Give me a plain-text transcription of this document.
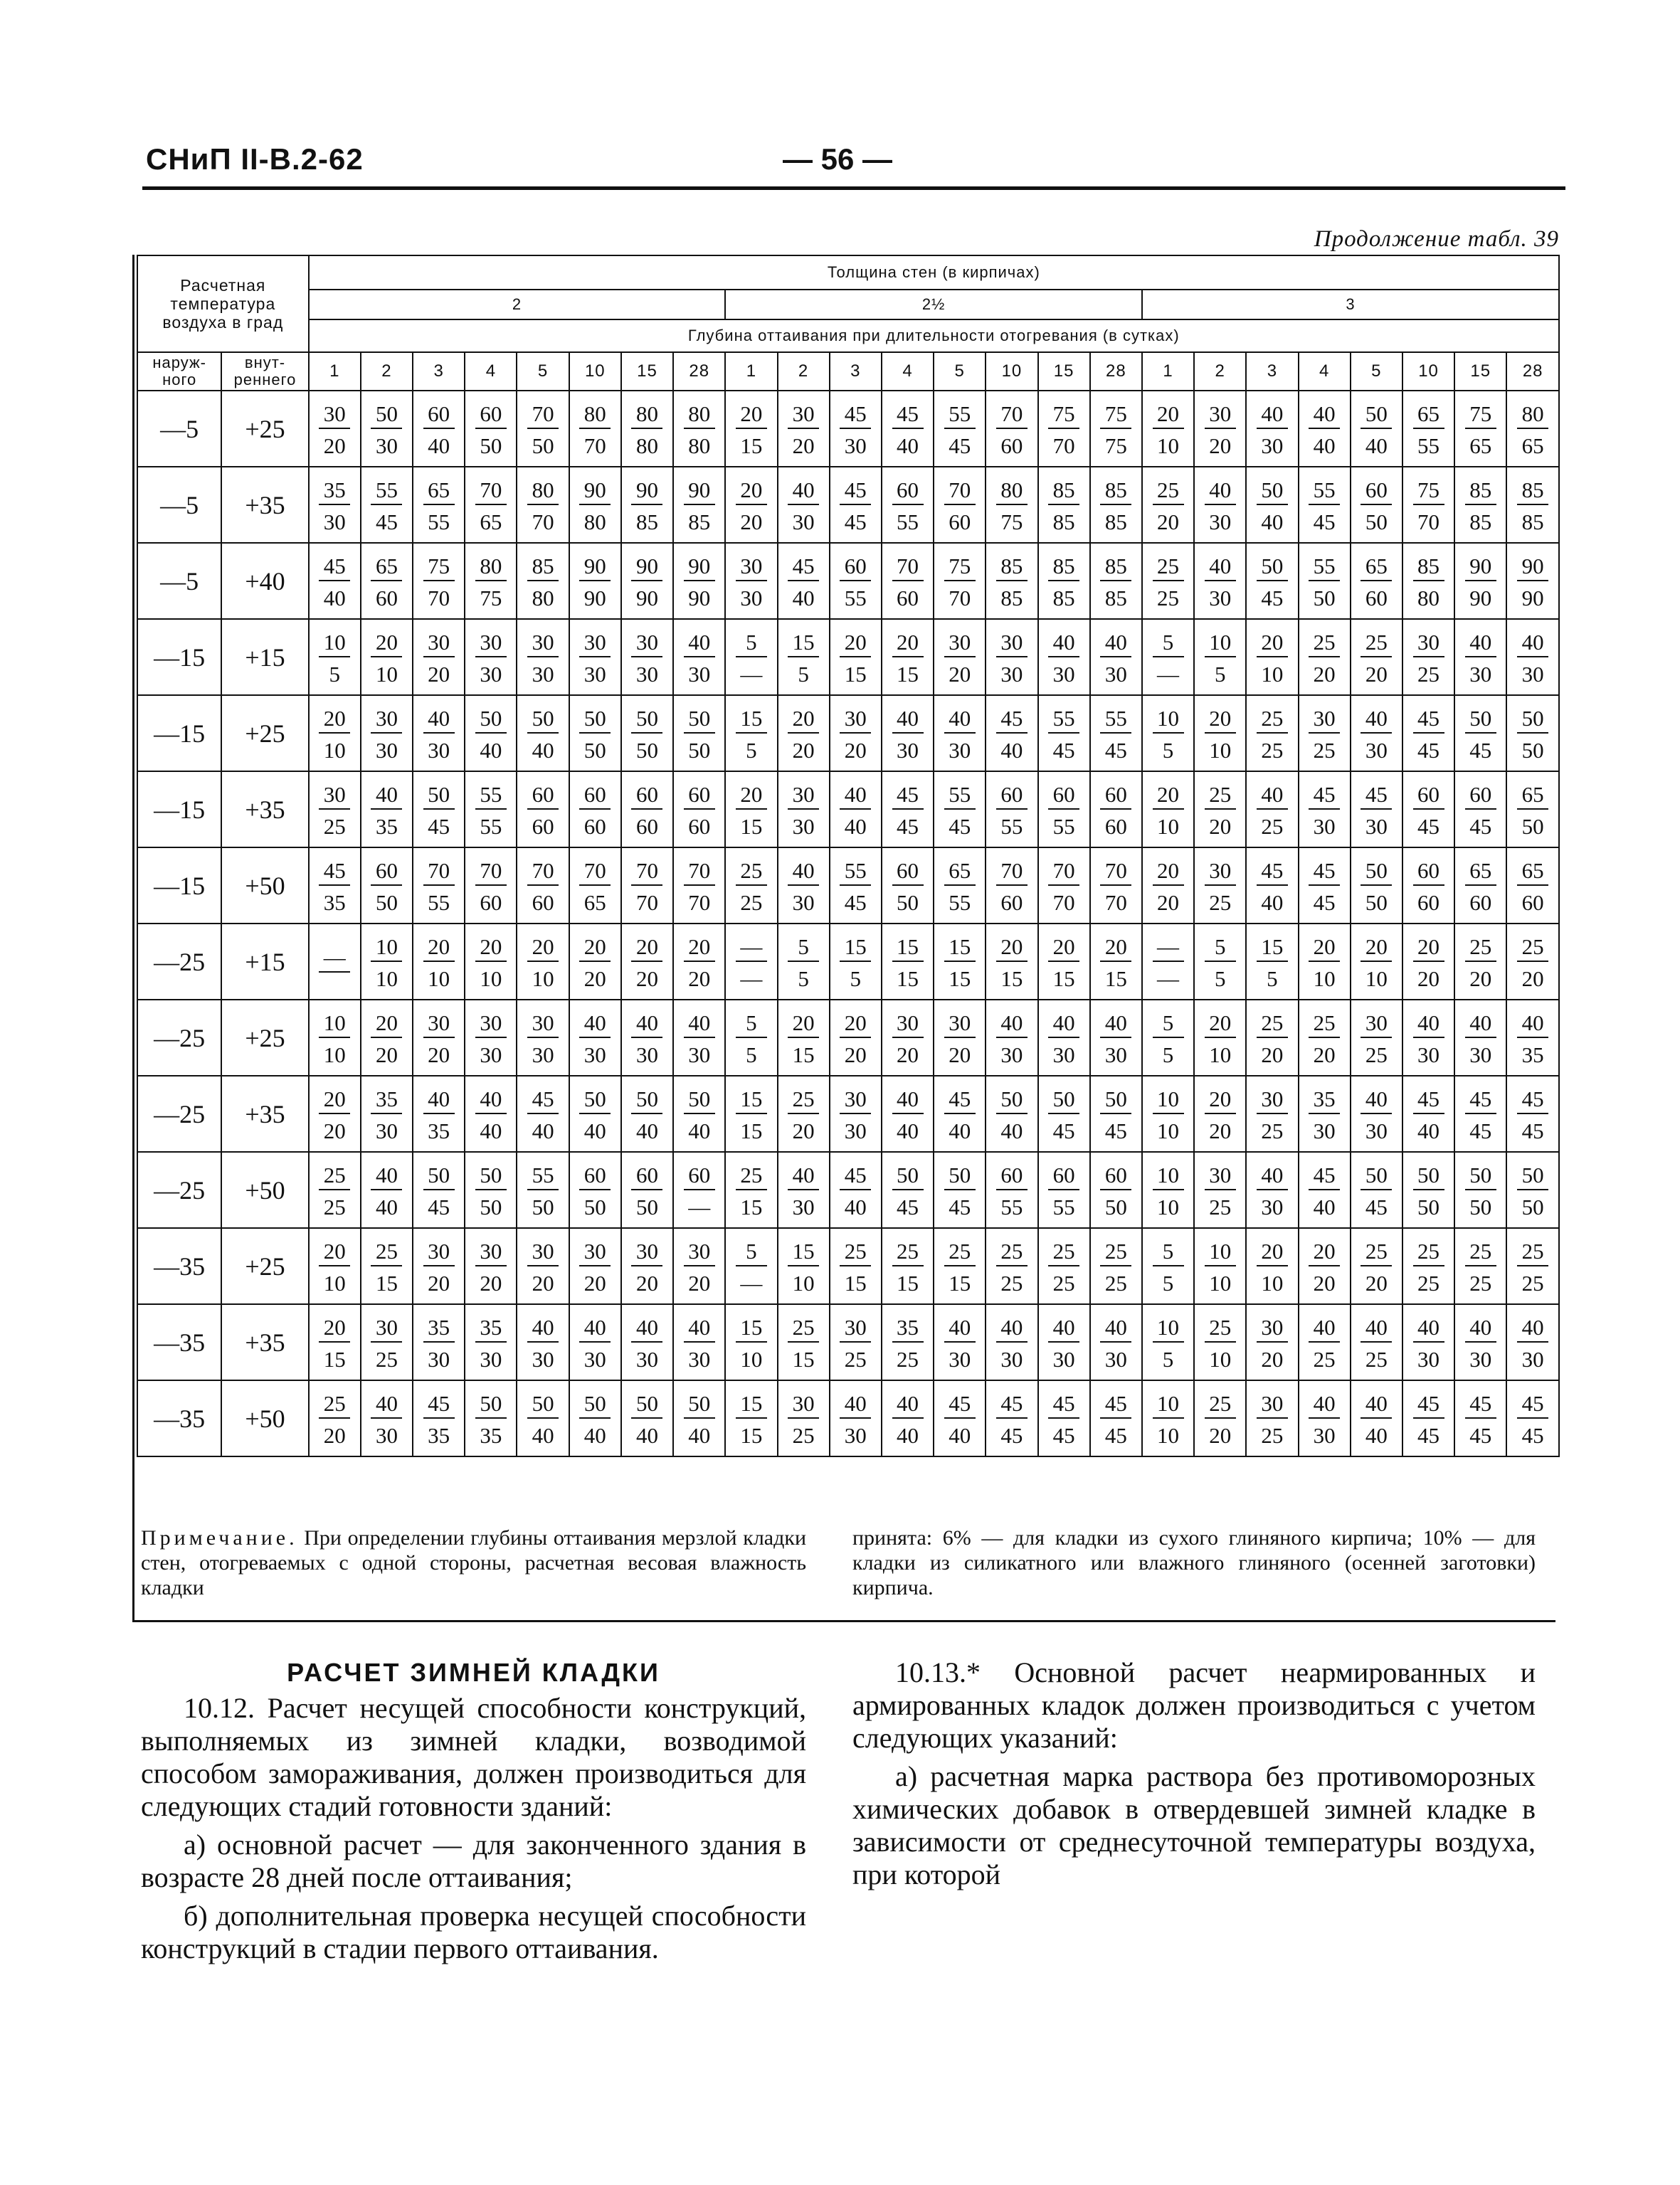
СНиП II-В.2-62	— 56 —
Продолжение табл. 39
Расчетная температура воздуха в град		Толщина стен (в кирпичах)																							
		2								2½								3							
		Глубина оттаивания при длительности отогревания (в сутках)																							
наруж-ного	внут-реннего	1	2	3	4	5	10	15	28	1	2	3	4	5	10	15	28	1	2	3	4	5	10	15	28
—5	+25	$\frac{30}{20}$	$\frac{50}{30}$	$\frac{60}{40}$	$\frac{60}{50}$	$\frac{70}{50}$	$\frac{80}{70}$	$\frac{80}{80}$	$\frac{80}{80}$	$\frac{20}{15}$	$\frac{30}{20}$	$\frac{45}{30}$	$\frac{45}{40}$	$\frac{55}{45}$	$\frac{70}{60}$	$\frac{75}{70}$	$\frac{75}{75}$	$\frac{20}{10}$	$\frac{30}{20}$	$\frac{40}{30}$	$\frac{40}{40}$	$\frac{50}{40}$	$\frac{65}{55}$	$\frac{75}{65}$	$\frac{80}{65}$

—5	+35	$\frac{35}{30}$	$\frac{55}{45}$	$\frac{65}{55}$	$\frac{70}{65}$	$\frac{80}{70}$	$\frac{90}{80}$	$\frac{90}{85}$	$\frac{90}{85}$	$\frac{20}{20}$	$\frac{40}{30}$	$\frac{45}{45}$	$\frac{60}{55}$	$\frac{70}{60}$	$\frac{80}{75}$	$\frac{85}{85}$	$\frac{85}{85}$	$\frac{25}{20}$	$\frac{40}{30}$	$\frac{50}{40}$	$\frac{55}{45}$	$\frac{60}{50}$	$\frac{75}{70}$	$\frac{85}{85}$	$\frac{85}{85}$

—5	+40	$\frac{45}{40}$	$\frac{65}{60}$	$\frac{75}{70}$	$\frac{80}{75}$	$\frac{85}{80}$	$\frac{90}{90}$	$\frac{90}{90}$	$\frac{90}{90}$	$\frac{30}{30}$	$\frac{45}{40}$	$\frac{60}{55}$	$\frac{70}{60}$	$\frac{75}{70}$	$\frac{85}{85}$	$\frac{85}{85}$	$\frac{85}{85}$	$\frac{25}{25}$	$\frac{40}{30}$	$\frac{50}{45}$	$\frac{55}{50}$	$\frac{65}{60}$	$\frac{85}{80}$	$\frac{90}{90}$	$\frac{90}{90}$

—15	+15	$\frac{10}{5}$	$\frac{20}{10}$	$\frac{30}{20}$	$\frac{30}{30}$	$\frac{30}{30}$	$\frac{30}{30}$	$\frac{30}{30}$	$\frac{40}{30}$	$\frac{5}{—}$	$\frac{15}{5}$	$\frac{20}{15}$	$\frac{20}{15}$	$\frac{30}{20}$	$\frac{30}{30}$	$\frac{40}{30}$	$\frac{40}{30}$	$\frac{5}{—}$	$\frac{10}{5}$	$\frac{20}{10}$	$\frac{25}{20}$	$\frac{25}{20}$	$\frac{30}{25}$	$\frac{40}{30}$	$\frac{40}{30}$

—15	+25	$\frac{20}{10}$	$\frac{30}{30}$	$\frac{40}{30}$	$\frac{50}{40}$	$\frac{50}{40}$	$\frac{50}{50}$	$\frac{50}{50}$	$\frac{50}{50}$	$\frac{15}{5}$	$\frac{20}{20}$	$\frac{30}{20}$	$\frac{40}{30}$	$\frac{40}{30}$	$\frac{45}{40}$	$\frac{55}{45}$	$\frac{55}{45}$	$\frac{10}{5}$	$\frac{20}{10}$	$\frac{25}{25}$	$\frac{30}{25}$	$\frac{40}{30}$	$\frac{45}{45}$	$\frac{50}{45}$	$\frac{50}{50}$

—15	+35	$\frac{30}{25}$	$\frac{40}{35}$	$\frac{50}{45}$	$\frac{55}{55}$	$\frac{60}{60}$	$\frac{60}{60}$	$\frac{60}{60}$	$\frac{60}{60}$	$\frac{20}{15}$	$\frac{30}{30}$	$\frac{40}{40}$	$\frac{45}{45}$	$\frac{55}{45}$	$\frac{60}{55}$	$\frac{60}{55}$	$\frac{60}{60}$	$\frac{20}{10}$	$\frac{25}{20}$	$\frac{40}{25}$	$\frac{45}{30}$	$\frac{45}{30}$	$\frac{60}{45}$	$\frac{60}{45}$	$\frac{65}{50}$

—15	+50	$\frac{45}{35}$	$\frac{60}{50}$	$\frac{70}{55}$	$\frac{70}{60}$	$\frac{70}{60}$	$\frac{70}{65}$	$\frac{70}{70}$	$\frac{70}{70}$	$\frac{25}{25}$	$\frac{40}{30}$	$\frac{55}{45}$	$\frac{60}{50}$	$\frac{65}{55}$	$\frac{70}{60}$	$\frac{70}{70}$	$\frac{70}{70}$	$\frac{20}{20}$	$\frac{30}{25}$	$\frac{45}{40}$	$\frac{45}{45}$	$\frac{50}{50}$	$\frac{60}{60}$	$\frac{65}{60}$	$\frac{65}{60}$

—25	+15	—	$\frac{10}{10}$	$\frac{20}{10}$	$\frac{20}{10}$	$\frac{20}{10}$	$\frac{20}{20}$	$\frac{20}{20}$	$\frac{20}{20}$	$\frac{—}{—}$	$\frac{5}{5}$	$\frac{15}{5}$	$\frac{15}{15}$	$\frac{15}{15}$	$\frac{20}{15}$	$\frac{20}{15}$	$\frac{20}{15}$	$\frac{—}{—}$	$\frac{5}{5}$	$\frac{15}{5}$	$\frac{20}{10}$	$\frac{20}{10}$	$\frac{20}{20}$	$\frac{25}{20}$	$\frac{25}{20}$

—25	+25	$\frac{10}{10}$	$\frac{20}{20}$	$\frac{30}{20}$	$\frac{30}{30}$	$\frac{30}{30}$	$\frac{40}{30}$	$\frac{40}{30}$	$\frac{40}{30}$	$\frac{5}{5}$	$\frac{20}{15}$	$\frac{20}{20}$	$\frac{30}{20}$	$\frac{30}{20}$	$\frac{40}{30}$	$\frac{40}{30}$	$\frac{40}{30}$	$\frac{5}{5}$	$\frac{20}{10}$	$\frac{25}{20}$	$\frac{25}{20}$	$\frac{30}{25}$	$\frac{40}{30}$	$\frac{40}{30}$	$\frac{40}{35}$

—25	+35	$\frac{20}{20}$	$\frac{35}{30}$	$\frac{40}{35}$	$\frac{40}{40}$	$\frac{45}{40}$	$\frac{50}{40}$	$\frac{50}{40}$	$\frac{50}{40}$	$\frac{15}{15}$	$\frac{25}{20}$	$\frac{30}{30}$	$\frac{40}{40}$	$\frac{45}{40}$	$\frac{50}{40}$	$\frac{50}{45}$	$\frac{50}{45}$	$\frac{10}{10}$	$\frac{20}{20}$	$\frac{30}{25}$	$\frac{35}{30}$	$\frac{40}{30}$	$\frac{45}{40}$	$\frac{45}{45}$	$\frac{45}{45}$

—25	+50	$\frac{25}{25}$	$\frac{40}{40}$	$\frac{50}{45}$	$\frac{50}{50}$	$\frac{55}{50}$	$\frac{60}{50}$	$\frac{60}{50}$	$\frac{60}{—}$	$\frac{25}{15}$	$\frac{40}{30}$	$\frac{45}{40}$	$\frac{50}{45}$	$\frac{50}{45}$	$\frac{60}{55}$	$\frac{60}{55}$	$\frac{60}{50}$	$\frac{10}{10}$	$\frac{30}{25}$	$\frac{40}{30}$	$\frac{45}{40}$	$\frac{50}{45}$	$\frac{50}{50}$	$\frac{50}{50}$	$\frac{50}{50}$

—35	+25	$\frac{20}{10}$	$\frac{25}{15}$	$\frac{30}{20}$	$\frac{30}{20}$	$\frac{30}{20}$	$\frac{30}{20}$	$\frac{30}{20}$	$\frac{30}{20}$	$\frac{5}{—}$	$\frac{15}{10}$	$\frac{25}{15}$	$\frac{25}{15}$	$\frac{25}{15}$	$\frac{25}{25}$	$\frac{25}{25}$	$\frac{25}{25}$	$\frac{5}{5}$	$\frac{10}{10}$	$\frac{20}{10}$	$\frac{20}{20}$	$\frac{25}{20}$	$\frac{25}{25}$	$\frac{25}{25}$	$\frac{25}{25}$

—35	+35	$\frac{20}{15}$	$\frac{30}{25}$	$\frac{35}{30}$	$\frac{35}{30}$	$\frac{40}{30}$	$\frac{40}{30}$	$\frac{40}{30}$	$\frac{40}{30}$	$\frac{15}{10}$	$\frac{25}{15}$	$\frac{30}{25}$	$\frac{35}{25}$	$\frac{40}{30}$	$\frac{40}{30}$	$\frac{40}{30}$	$\frac{40}{30}$	$\frac{10}{5}$	$\frac{25}{10}$	$\frac{30}{20}$	$\frac{40}{25}$	$\frac{40}{25}$	$\frac{40}{30}$	$\frac{40}{30}$	$\frac{40}{30}$

—35	+50	$\frac{25}{20}$	$\frac{40}{30}$	$\frac{45}{35}$	$\frac{50}{35}$	$\frac{50}{40}$	$\frac{50}{40}$	$\frac{50}{40}$	$\frac{50}{40}$	$\frac{15}{15}$	$\frac{30}{25}$	$\frac{40}{30}$	$\frac{40}{40}$	$\frac{45}{40}$	$\frac{45}{45}$	$\frac{45}{45}$	$\frac{45}{45}$	$\frac{10}{10}$	$\frac{25}{20}$	$\frac{30}{25}$	$\frac{40}{30}$	$\frac{40}{40}$	$\frac{45}{45}$	$\frac{45}{45}$	$\frac{45}{45}$
Примечание. При определении глубины оттаивания мерзлой кладки стен, отогреваемых с одной стороны, расчетная весовая влажность кладки
принята: 6% — для кладки из сухого глиняного кирпича; 10% — для кладки из силикатного или влажного глиняного (осенней заготовки) кирпича.
РАСЧЕТ ЗИМНЕЙ КЛАДКИ

10.12. Расчет несущей способности конструкций, выполняемых из зимней кладки, возводимой способом замораживания, должен производиться для следующих стадий готовности зданий:

а) основной расчет — для законченного здания в возрасте 28 дней после оттаивания;

б) дополнительная проверка несущей способности конструкций в стадии первого оттаивания.

10.13.* Основной расчет неармированных и армированных кладок должен производиться с учетом следующих указаний:

а) расчетная марка раствора без противоморозных химических добавок в отвердевшей зимней кладке в зависимости от среднесуточной температуры воздуха, при которой
